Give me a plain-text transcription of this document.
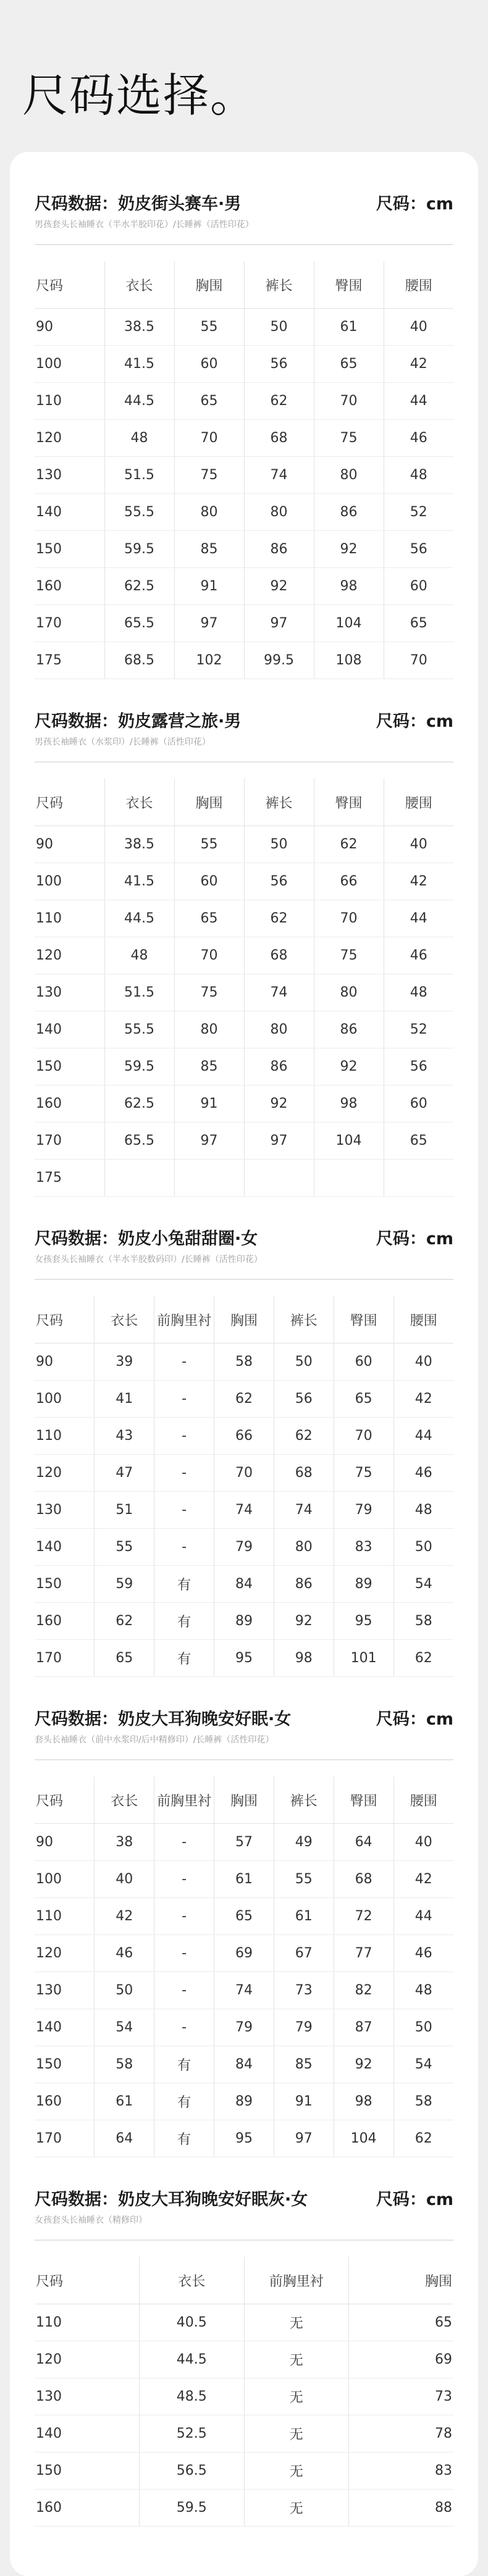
尺码选择。
尺码数据：奶皮街头赛车·男	尺码：cm
男孩套头长袖睡衣（半水半胶印花）/长睡裤（活性印花）
尺码	衣长	胸围	裤长	臀围	腰围
90	38.5	55	50	61	40
100	41.5	60	56	65	42
110	44.5	65	62	70	44
120	48	70	68	75	46
130	51.5	75	74	80	48
140	55.5	80	80	86	52
150	59.5	85	86	92	56
160	62.5	91	92	98	60
170	65.5	97	97	104	65
175	68.5	102	99.5	108	70
尺码数据：奶皮露营之旅·男	尺码：cm
男孩长袖睡衣（水浆印）/长睡裤（活性印花）
尺码	衣长	胸围	裤长	臀围	腰围
90	38.5	55	50	62	40
100	41.5	60	56	66	42
110	44.5	65	62	70	44
120	48	70	68	75	46
130	51.5	75	74	80	48
140	55.5	80	80	86	52
150	59.5	85	86	92	56
160	62.5	91	92	98	60
170	65.5	97	97	104	65
175					
尺码数据：奶皮小兔甜甜圈·女	尺码：cm
女孩套头长袖睡衣（半水半胶数码印）/长睡裤（活性印花）
尺码	衣长	前胸里衬	胸围	裤长	臀围	腰围
90	39	-	58	50	60	40
100	41	-	62	56	65	42
110	43	-	66	62	70	44
120	47	-	70	68	75	46
130	51	-	74	74	79	48
140	55	-	79	80	83	50
150	59	有	84	86	89	54
160	62	有	89	92	95	58
170	65	有	95	98	101	62
尺码数据：奶皮大耳狗晚安好眠·女	尺码：cm
套头长袖睡衣（前中水浆印/后中精修印）/长睡裤（活性印花）
尺码	衣长	前胸里衬	胸围	裤长	臀围	腰围
90	38	-	57	49	64	40
100	40	-	61	55	68	42
110	42	-	65	61	72	44
120	46	-	69	67	77	46
130	50	-	74	73	82	48
140	54	-	79	79	87	50
150	58	有	84	85	92	54
160	61	有	89	91	98	58
170	64	有	95	97	104	62
尺码数据：奶皮大耳狗晚安好眠灰·女	尺码：cm
女孩套头长袖睡衣（精修印）
尺码	衣长	前胸里衬	胸围
110	40.5	无	65
120	44.5	无	69
130	48.5	无	73
140	52.5	无	78
150	56.5	无	83
160	59.5	无	88
